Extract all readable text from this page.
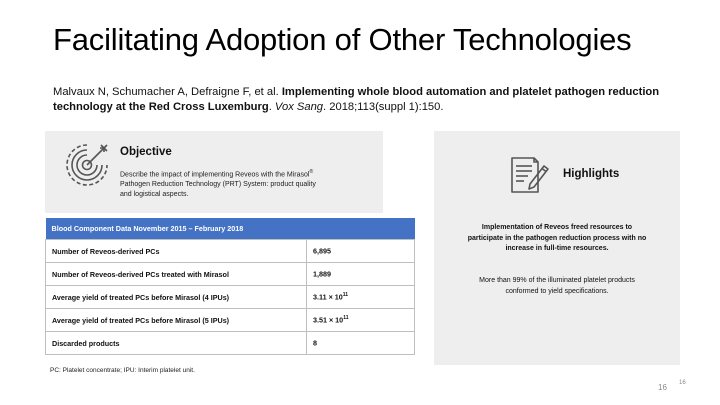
Facilitating Adoption of Other Technologies
Malvaux N, Schumacher A, Defraigne F, et al. Implementing whole blood automation and platelet pathogen reduction technology at the Red Cross Luxemburg. Vox Sang. 2018;113(suppl 1):150.
Objective
Describe the impact of implementing Reveos with the Mirasol® Pathogen Reduction Technology (PRT) System: product quality and logistical aspects.
Blood Component Data November 2015 – February 2018	
Number of Reveos-derived PCs	6,895
Number of Reveos-derived PCs treated with Mirasol	1,889
Average yield of treated PCs before Mirasol (4 IPUs)	$3.11 \times 10^{11}$
Average yield of treated PCs before Mirasol (5 IPUs)	$3.51 \times 10^{11}$
Discarded products	8
PC: Platelet concentrate; IPU: Interim platelet unit.
Highlights
Implementation of Reveos freed resources to participate in the pathogen reduction process with no increase in full-time resources.
More than 99% of the illuminated platelet products conformed to yield specifications.
16 16
